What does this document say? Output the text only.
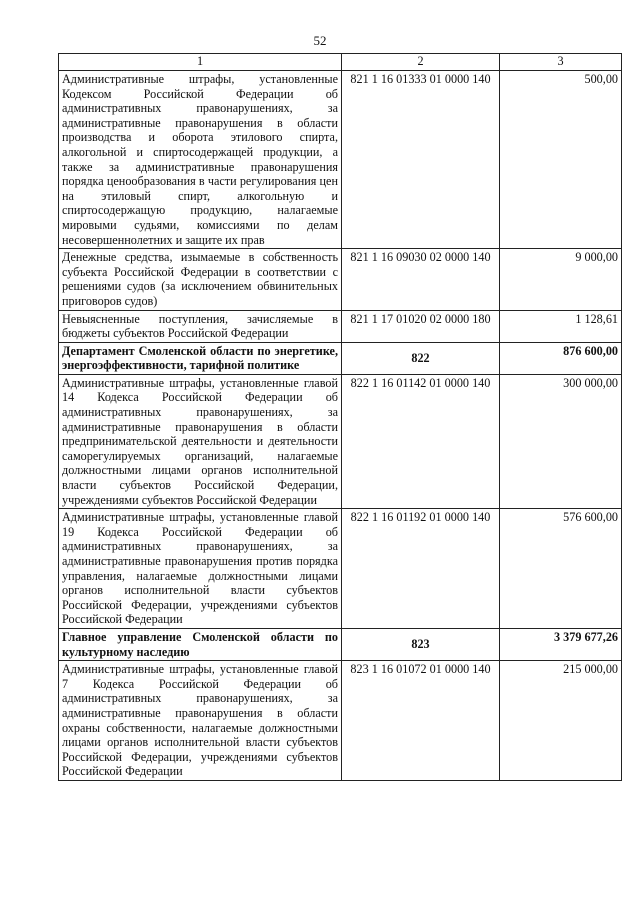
52
1	2	3
Административные штрафы, установленные Кодексом Российской Федерации об административных правонарушениях, за административные правонарушения в области производства и оборота этилового спирта, алкогольной и спиртосодержащей продукции, а также за административные правонарушения порядка ценообразования в части регулирования цен на этиловый спирт, алкогольную и спиртосодержащую продукцию, налагаемые мировыми судьями, комиссиями по делам несовершеннолетних и защите их прав	821 1 16 01333 01 0000 140	500,00
Денежные средства, изымаемые в собственность субъекта Российской Федерации в соответствии с решениями судов (за исключением обвинительных приговоров судов)	821 1 16 09030 02 0000 140	9 000,00
Невыясненные поступления, зачисляемые в бюджеты субъектов Российской Федерации	821 1 17 01020 02 0000 180	1 128,61
Департамент Смоленской области по энергетике, энергоэффективности, тарифной политике	822	876 600,00
Административные штрафы, установленные главой 14 Кодекса Российской Федерации об административных правонарушениях, за административные правонарушения в области предпринимательской деятельности и деятельности саморегулируемых организаций, налагаемые должностными лицами органов исполнительной власти субъектов Российской Федерации, учреждениями субъектов Российской Федерации	822 1 16 01142 01 0000 140	300 000,00
Административные штрафы, установленные главой 19 Кодекса Российской Федерации об административных правонарушениях, за административные правонарушения против порядка управления, налагаемые должностными лицами органов исполнительной власти субъектов Российской Федерации, учреждениями субъектов Российской Федерации	822 1 16 01192 01 0000 140	576 600,00
Главное управление Смоленской области по культурному наследию	823	3 379 677,26
Административные штрафы, установленные главой 7 Кодекса Российской Федерации об административных правонарушениях, за административные правонарушения в области охраны собственности, налагаемые должностными лицами органов исполнительной власти субъектов Российской Федерации, учреждениями субъектов Российской Федерации	823 1 16 01072 01 0000 140	215 000,00
